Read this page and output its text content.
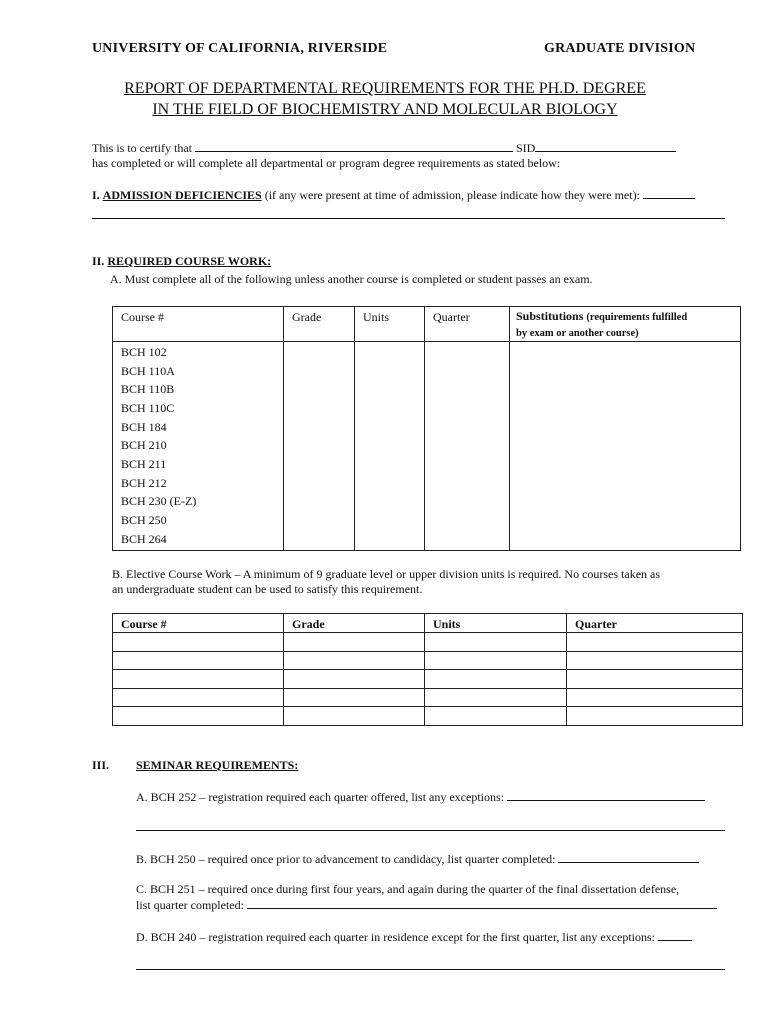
UNIVERSITY OF CALIFORNIA, RIVERSIDE	GRADUATE DIVISION
REPORT OF DEPARTMENTAL REQUIREMENTS FOR THE PH.D. DEGREE
IN THE FIELD OF BIOCHEMISTRY AND MOLECULAR BIOLOGY
This is to certify that	SID
has completed or will complete all departmental or program degree requirements as stated below:
I. ADMISSION DEFICIENCIES (if any were present at time of admission, please indicate how they were met):
II. REQUIRED COURSE WORK:
A. Must complete all of the following unless another course is completed or student passes an exam.
Course #	Grade	Units	Quarter	Substitutions (requirements fulfilled
by exam or another course)
BCH 102				
BCH 110A				
BCH 110B				
BCH 110C				
BCH 184				
BCH 210				
BCH 211				
BCH 212				
BCH 230 (E-Z)				
BCH 250				
BCH 264				
B. Elective Course Work – A minimum of 9 graduate level or upper division units is required. No courses taken as
an undergraduate student can be used to satisfy this requirement.
Course #	Grade	Units	Quarter

III. SEMINAR REQUIREMENTS:
A. BCH 252 – registration required each quarter offered, list any exceptions:
B. BCH 250 – required once prior to advancement to candidacy, list quarter completed:
C. BCH 251 – required once during first four years, and again during the quarter of the final dissertation defense,
list quarter completed:
D. BCH 240 – registration required each quarter in residence except for the first quarter, list any exceptions:
